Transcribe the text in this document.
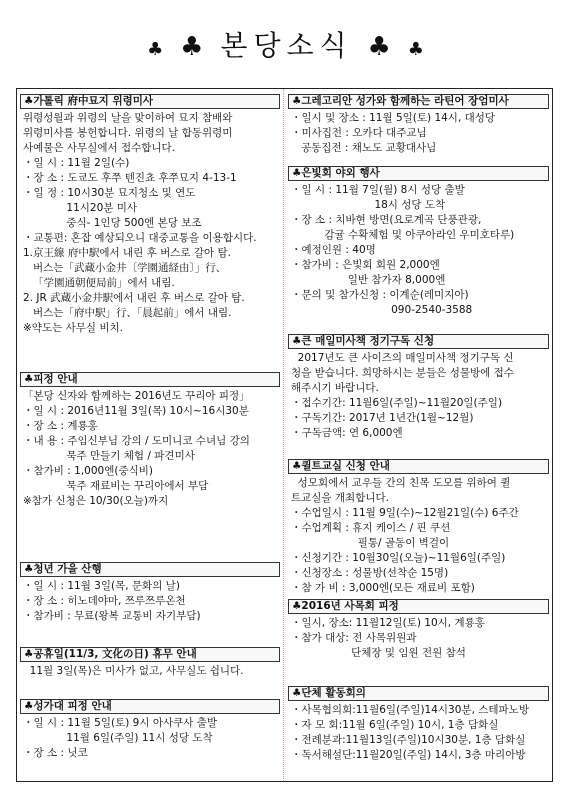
♣ ♣ 본당소식 ♣ ♣
♣가톨릭 府中묘지 위령미사
위령성월과 위령의 날을 맞이하여 묘지 참배와
위령미사를 봉헌합니다. 위령의 날 합동위령미
사예물은 사무실에서 접수합니다.
・일 시 : 11월 2일(수)
・장 소 : 도쿄도 후쭈 텐진쵸 후쭈묘지 4-13-1
・일 정 : 10시30분 묘지청소 및 연도
11시20분 미사
중식- 1인당 500엔 본당 보조
・교통편: 혼잡 예상되오니 대중교통을 이용합시다.
1.京王線 府中駅에서 내린 후 버스로 갈아 탐.
버스는「武蔵小金井〔学園通経由〕」行、
「学園通朝便局前」에서 내림.
2. JR 武蔵小金井駅에서 내린 후 버스로 갈아 탐.
버스는「府中駅」行、「晨起前」에서 내림.
※약도는 사무실 비치.
♣피정 안내
「본당 신자와 함께하는 2016년도 꾸리아 피정」
・일 시 : 2016년11월 3일(목) 10시~16시30분
・장 소 : 계룡홍
・내 용 : 주임신부님 강의 / 도미니코 수녀님 강의
묵주 만들기 체험 / 파견미사
・참가비 : 1,000엔(중식비)
묵주 재료비는 꾸리아에서 부담
※참가 신청은 10/30(오늘)까지
♣청년 가을 산행
・일 시 : 11월 3일(목, 문화의 날)
・장 소 : 히노데야마, 쯔루쯔루온천
・참가비 : 무료(왕복 교통비 자기부담)
♣공휴일(11/3, 文化の日) 휴무 안내
11월 3일(목)은 미사가 없고, 사무실도 쉽니다.
♣성가대 피정 안내
・일 시 : 11월 5일(토) 9시 아사쿠사 출발
11월 6일(주일) 11시 성당 도착
・장 소 : 닛코
♣그레고리안 성가와 함께하는 라틴어 장엄미사
・일시 및 장소 : 11월 5일(토) 14시, 대성당
・미사집전 : 오카다 대주교님
공동집전 : 채노도 교황대사님
♣은빛회 야외 행사
・일 시 : 11월 7일(월) 8시 성당 출발
18시 성당 도착
・장 소 : 치바현 방면(요로계곡 단풍관광,
감귤 수확체험 및 아쿠아라인 우미호타루)
・예정인원 : 40명
・참가비 : 은빛회 회원 2,000엔
일반 참가자 8,000엔
・문의 및 참가신청 : 이계순(레미지아)
090-2540-3588
♣큰 매일미사책 정기구독 신청
2017년도 큰 사이즈의 매일미사책 정기구독 신
청을 받습니다. 희망하시는 분들은 성물방에 접수
해주시기 바랍니다.
・접수기간: 11월6일(주일)~11월20일(주일)
・구독기간: 2017년 1년간(1월~12월)
・구독금액: 연 6,000엔
♣퀼트교실 신청 안내
성모회에서 교우들 간의 친목 도모를 위하여 퀼
트교실을 개최합니다.
・수업일시 : 11월 9일(수)~12월21일(수) 6주간
・수업계획 : 휴지 케이스 / 핀 쿠션
필통/ 골동이 벽걸이
・신청기간 : 10월30일(오늘)~11월6일(주일)
・신청장소 : 성물방(선착순 15명)
・참 가 비 : 3,000엔(모든 재료비 포함)
♣2016년 사목회 피정
・일시, 장소: 11월12일(토) 10시, 계룡홍
・참가 대상: 전 사목위원과
단체장 및 임원 전원 참석
♣단체 활동회의
・사목협의회:11월6일(주일)14시30분, 스테파노방
・자 모 회:11월 6일(주일) 10시, 1층 담화실
・전례분과:11월13일(주일)10시30분, 1층 담화실
・독서해설단:11월20일(주일) 14시, 3층 마리아방
